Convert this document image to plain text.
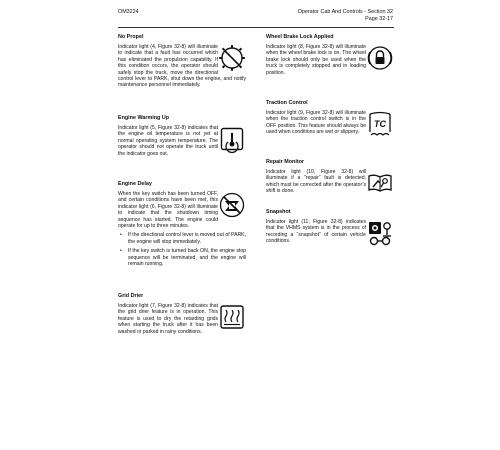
OM3224	Operator Cab And Controls - Section 32
Page 32-17
No Propel

Indicator light (4, Figure 32-8) will illuminate to indicate that a fault has occurred which has eliminated the propulsion capability. If this condition occurs, the operator should safely stop the truck, move the directional control lever to PARK, shut down the engine, and notify maintenance personnel immediately.

Engine Warming Up

Indicator light (5, Figure 32-8) indicates that the engine oil temperature is not yet at normal operating system temperature. The operator should not operate the truck until the indicator goes out.

Engine Delay

When the key switch has been turned OFF, and certain conditions have been met, this indicator light (6, Figure 32-8) will illuminate to indicate that the shutdown timing sequence has started. The engine could operate for up to three minutes.

• If the directional control lever is moved out of PARK, the engine will stop immediately.
• If the key switch is turned back ON, the engine stop sequence will be terminated, and the engine will remain running.
Grid Drier

Indicator light (7, Figure 32-8) indicates that the grid drier feature is in operation. This feature is used to dry the retarding grids when starting the truck after it has been washed or parked in rainy conditions.

Wheel Brake Lock Applied

Indicator light (8, Figure 32-8) will illuminate when the wheel brake lock is on. The wheel brake lock should only be used when the truck is completely stopped and in loading position.

Traction Control
TC

Indicator light (9, Figure 32-8) will illuminate when the traction control switch is in the OFF position. This feature should always be used when conditions are wet or slippery.

Repair Monitor

Indicator light (10, Figure 32-8) will illuminate if a “repair” fault is detected, which must be corrected after the operator’s shift is done.

Snapshot

Indicator light (11, Figure 32-8) indicates that the VHMS system is in the process of recording a “snapshot” of certain vehicle conditions.
